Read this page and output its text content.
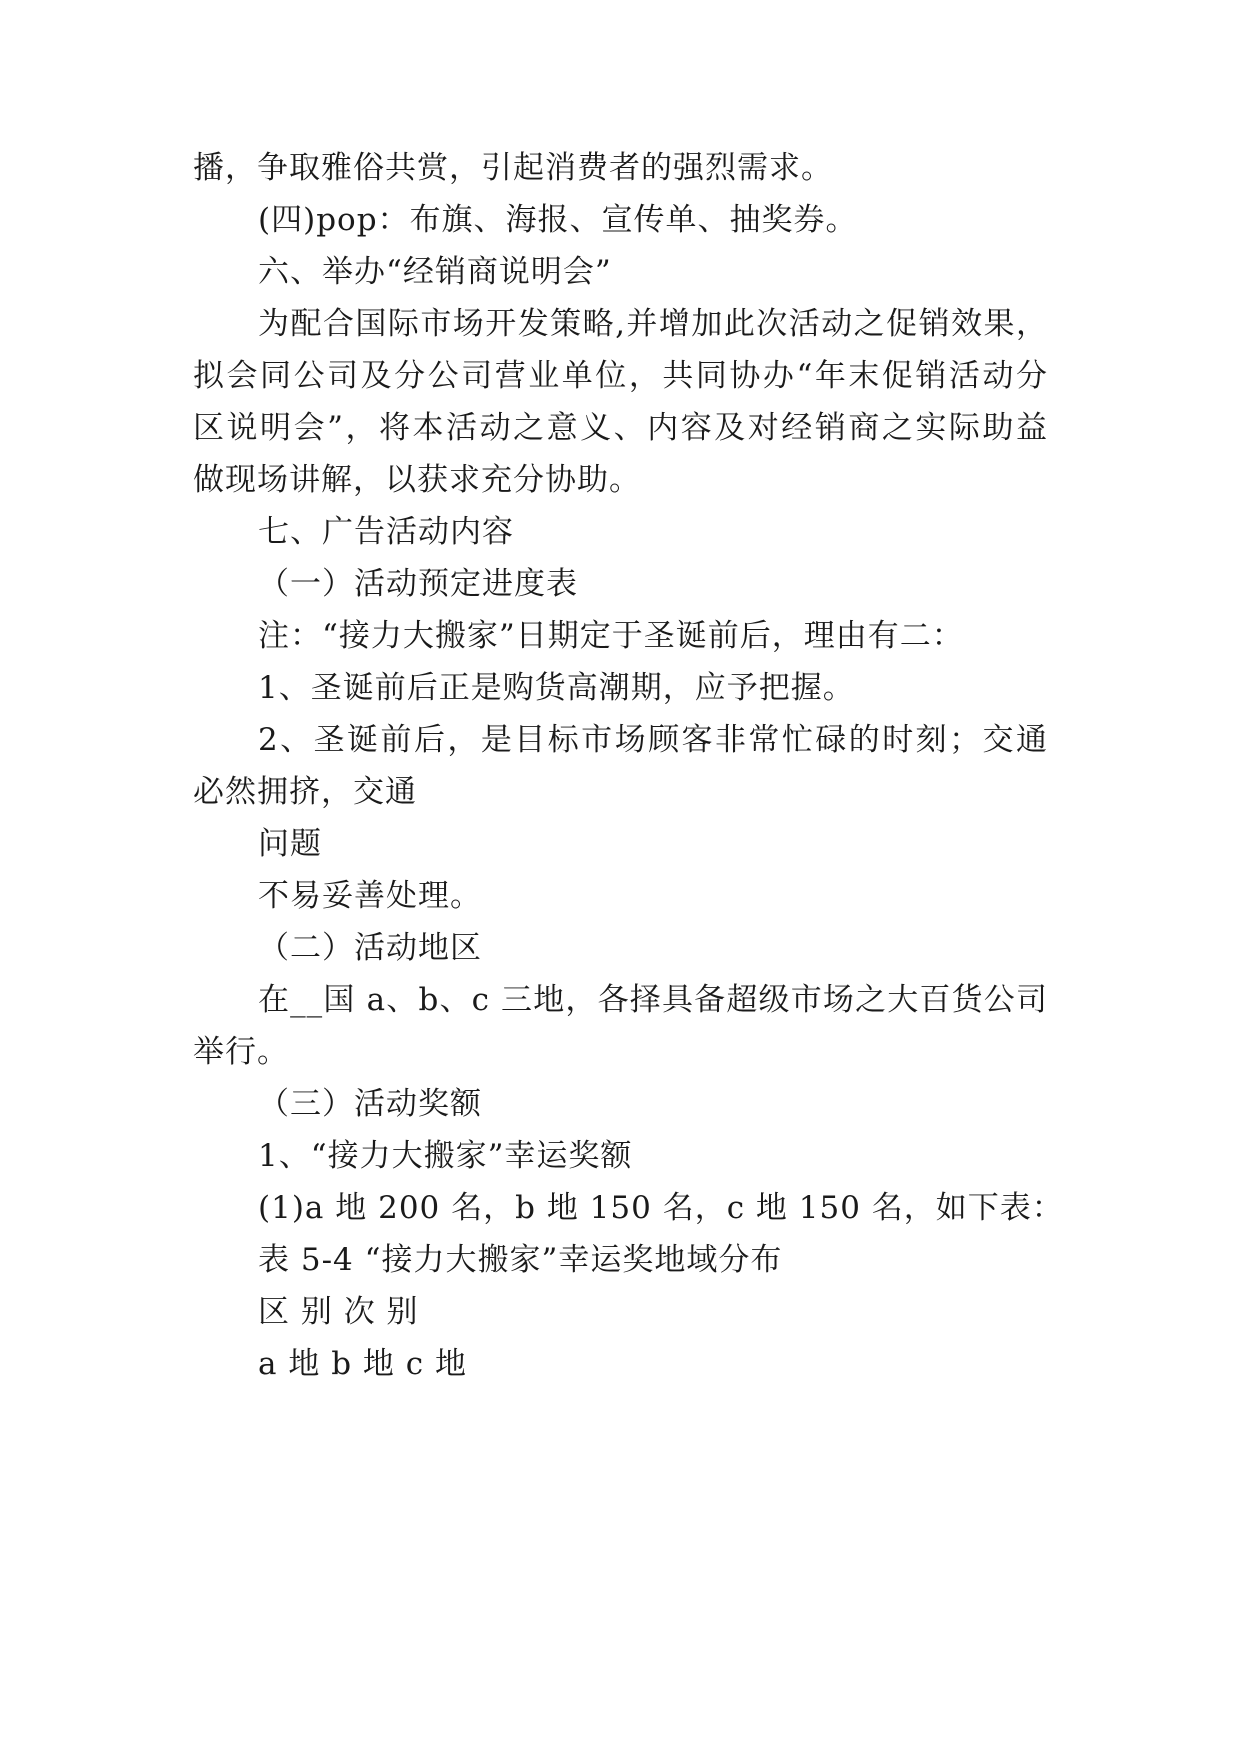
播，争取雅俗共赏，引起消费者的强烈需求。
(四)pop：布旗、海报、宣传单、抽奖券。
六、举办“经销商说明会”
为配合国际市场开发策略,并增加此次活动之促销效果，
拟会同公司及分公司营业单位，共同协办“年末促销活动分
区说明会”，将本活动之意义、内容及对经销商之实际助益
做现场讲解，以获求充分协助。
七、广告活动内容
（一）活动预定进度表
注：“接力大搬家”日期定于圣诞前后，理由有二：
1、圣诞前后正是购货高潮期，应予把握。
2、圣诞前后，是目标市场顾客非常忙碌的时刻；交通
必然拥挤，交通
问题
不易妥善处理。
（二）活动地区
在__国 a、b、c 三地，各择具备超级市场之大百货公司
举行。
（三）活动奖额
1、“接力大搬家”幸运奖额
(1)a 地 200 名，b 地 150 名，c 地 150 名，如下表：
表 5-4 “接力大搬家”幸运奖地域分布
区 别 次 别
a 地 b 地 c 地
